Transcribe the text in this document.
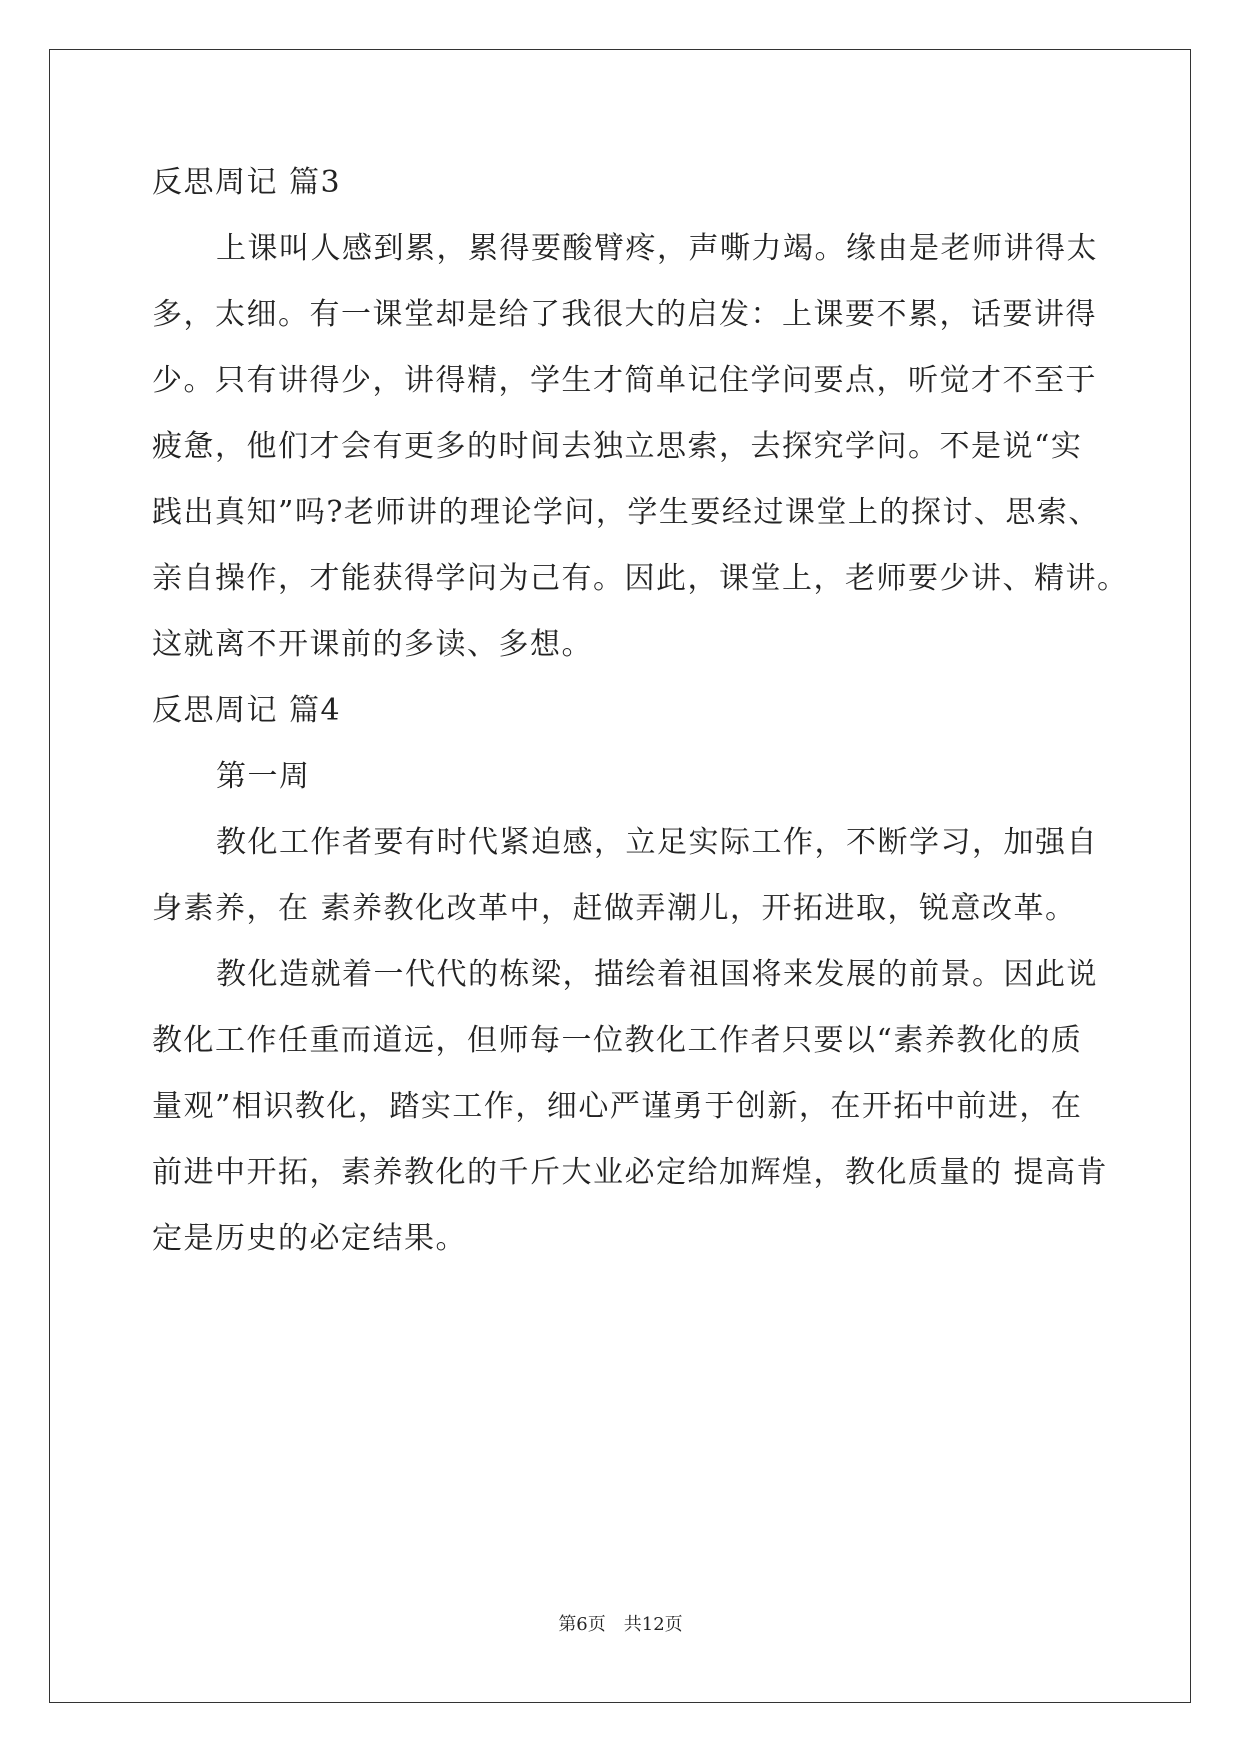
反思周记 篇3
上课叫人感到累，累得要酸臂疼，声嘶力竭。缘由是老师讲得太
多，太细。有一课堂却是给了我很大的启发：上课要不累，话要讲得
少。只有讲得少，讲得精，学生才简单记住学问要点，听觉才不至于
疲惫，他们才会有更多的时间去独立思索，去探究学问。不是说“实
践出真知”吗?老师讲的理论学问，学生要经过课堂上的探讨、思索、
亲自操作，才能获得学问为己有。因此，课堂上，老师要少讲、精讲。
这就离不开课前的多读、多想。
反思周记 篇4
第一周
教化工作者要有时代紧迫感，立足实际工作，不断学习，加强自
身素养，在 素养教化改革中，赶做弄潮儿，开拓进取，锐意改革。
教化造就着一代代的栋梁，描绘着祖国将来发展的前景。因此说
教化工作任重而道远，但师每一位教化工作者只要以“素养教化的质
量观”相识教化，踏实工作，细心严谨勇于创新，在开拓中前进，在
前进中开拓，素养教化的千斤大业必定给加辉煌，教化质量的 提高肯
定是历史的必定结果。
第6页　共12页
